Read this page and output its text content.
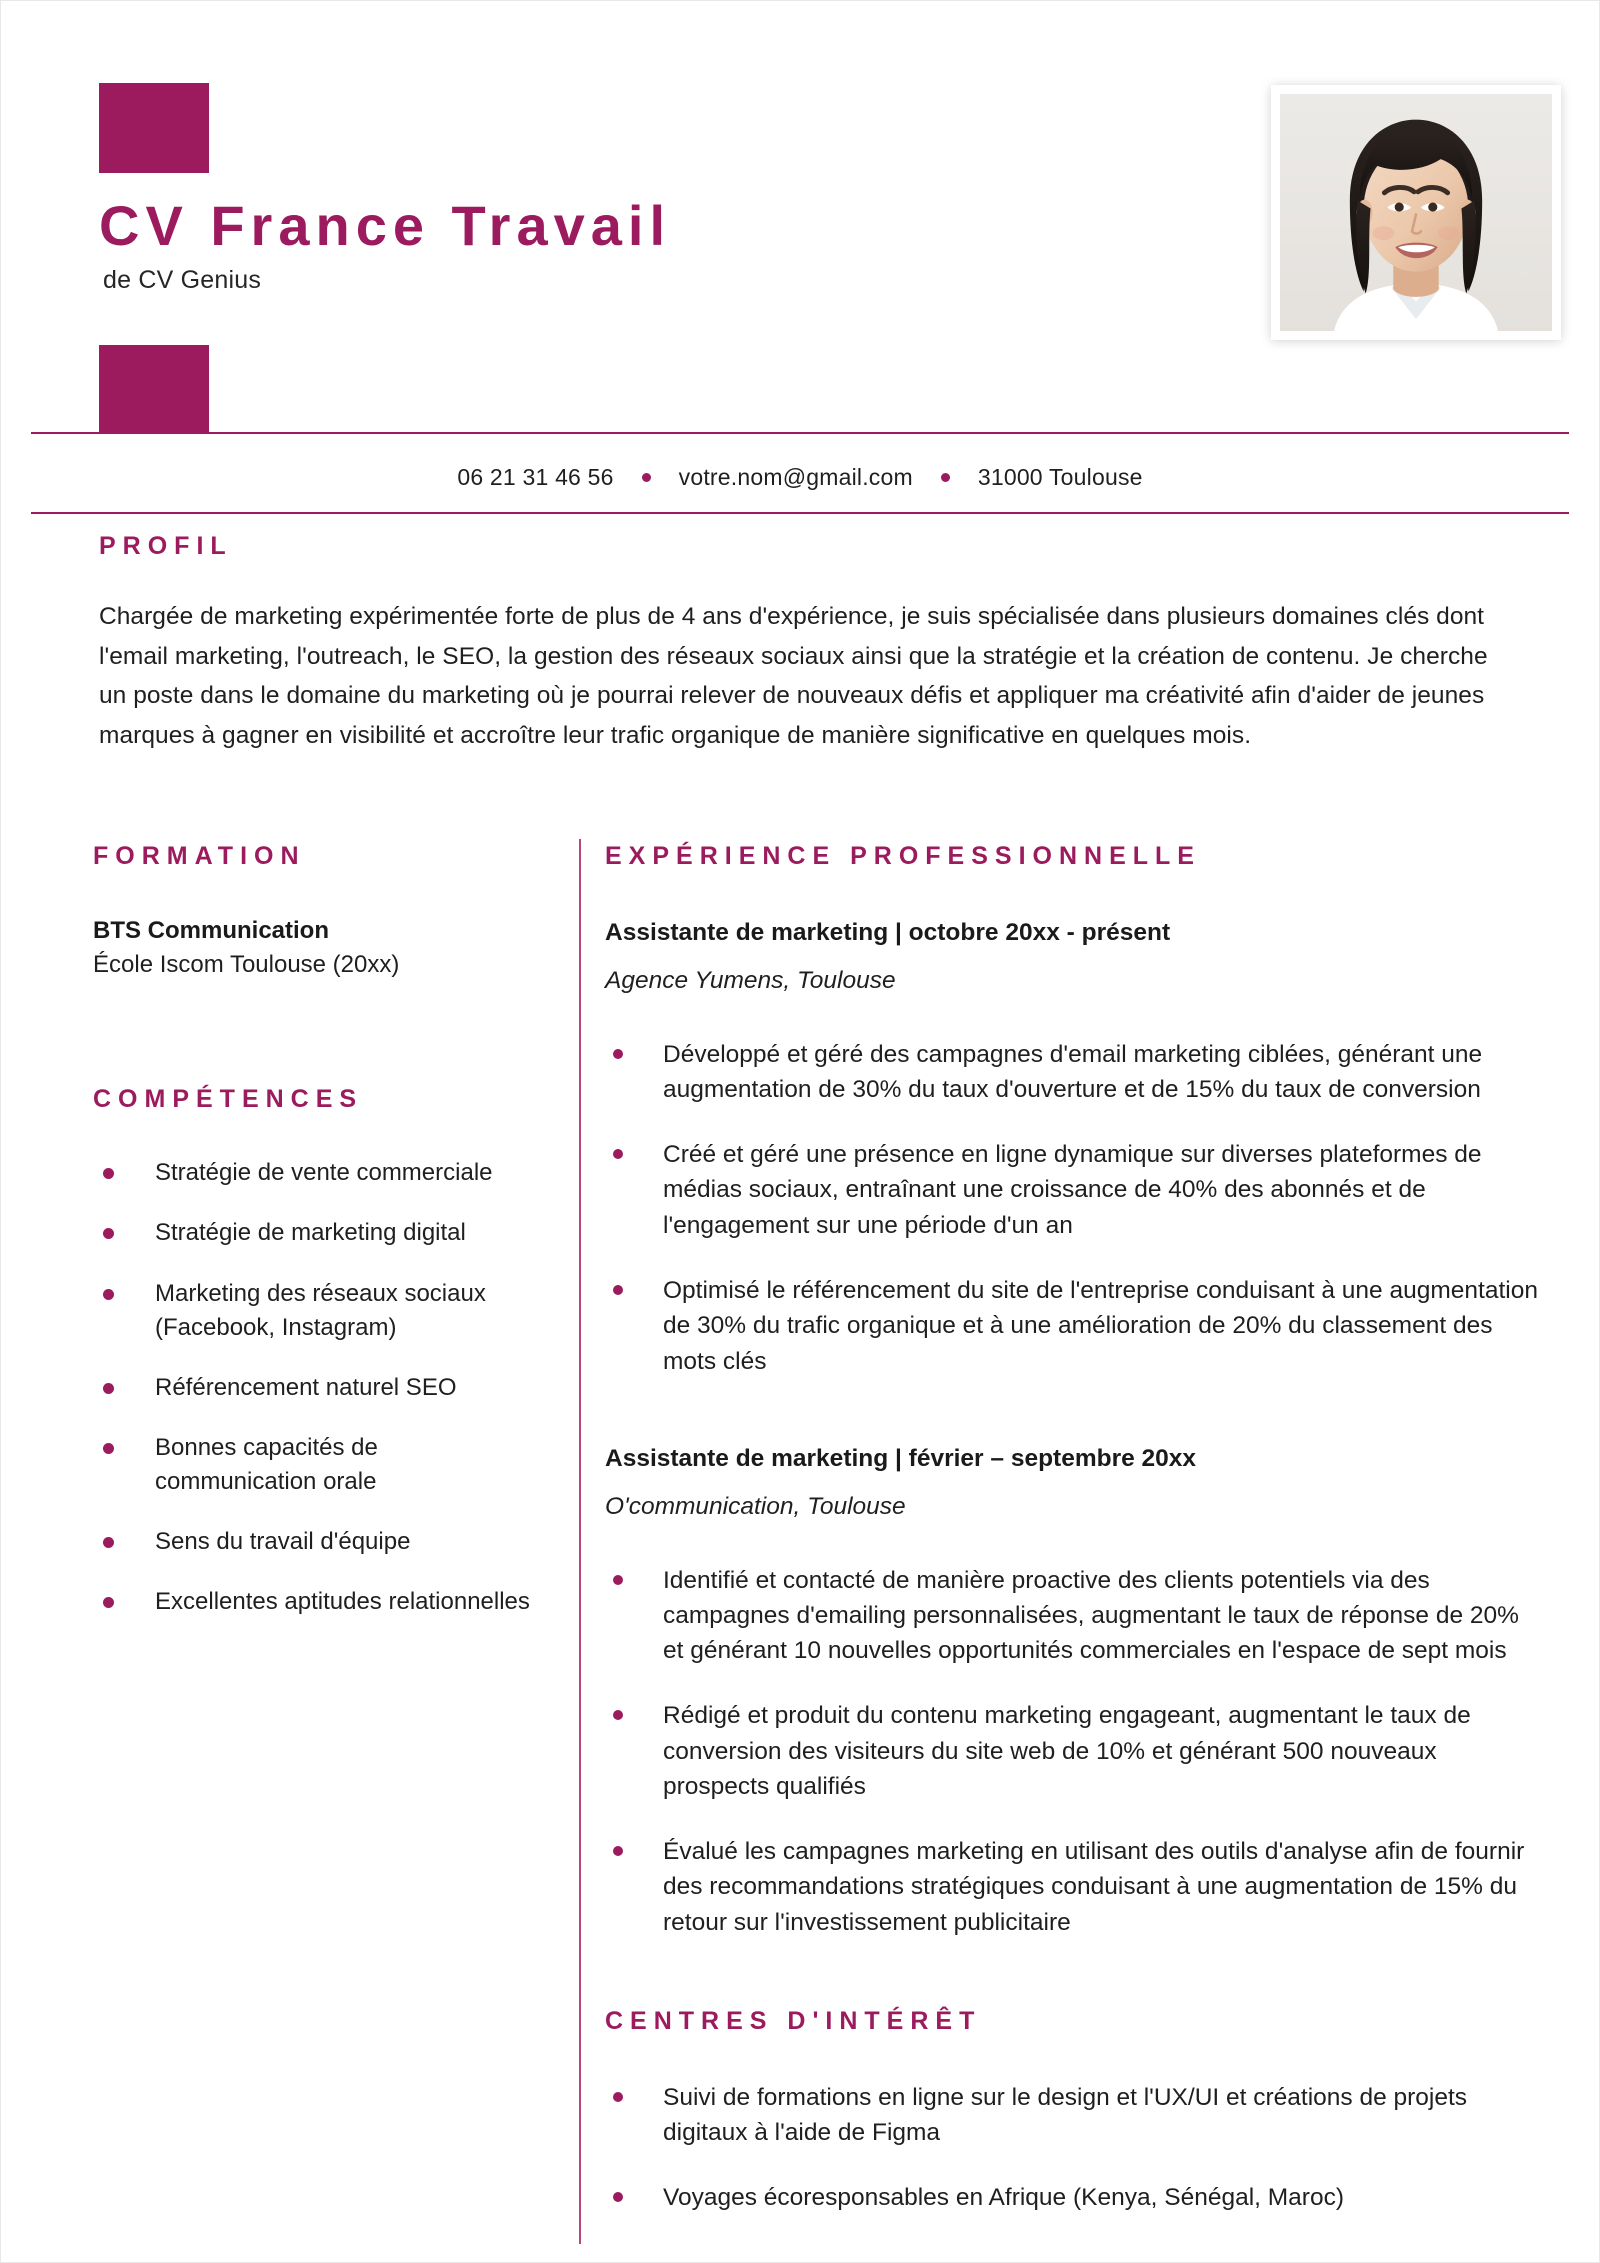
CV France Travail
de CV Genius
06 21 31 46 56	votre.nom@gmail.com	31000 Toulouse
PROFIL

Chargée de marketing expérimentée forte de plus de 4 ans d'expérience, je suis spécialisée dans plusieurs domaines clés dont l'email marketing, l'outreach, le SEO, la gestion des réseaux sociaux ainsi que la stratégie et la création de contenu. Je cherche un poste dans le domaine du marketing où je pourrai relever de nouveaux défis et appliquer ma créativité afin d'aider de jeunes marques à gagner en visibilité et accroître leur trafic organique de manière significative en quelques mois.

FORMATION
BTS Communication
École Iscom Toulouse (20xx)
COMPÉTENCES
Stratégie de vente commerciale
Stratégie de marketing digital
Marketing des réseaux sociaux (Facebook, Instagram)
Référencement naturel SEO
Bonnes capacités de communication orale
Sens du travail d'équipe
Excellentes aptitudes relationnelles
EXPÉRIENCE PROFESSIONNELLE
Assistante de marketing | octobre 20xx - présent
Agence Yumens, Toulouse
Développé et géré des campagnes d'email marketing ciblées, générant une augmentation de 30% du taux d'ouverture et de 15% du taux de conversion
Créé et géré une présence en ligne dynamique sur diverses plateformes de médias sociaux, entraînant une croissance de 40% des abonnés et de l'engagement sur une période d'un an
Optimisé le référencement du site de l'entreprise conduisant à une augmentation de 30% du trafic organique et à une amélioration de 20% du classement des mots clés
Assistante de marketing | février – septembre 20xx
O'communication, Toulouse
Identifié et contacté de manière proactive des clients potentiels via des campagnes d'emailing personnalisées, augmentant le taux de réponse de 20% et générant 10 nouvelles opportunités commerciales en l'espace de sept mois
Rédigé et produit du contenu marketing engageant, augmentant le taux de conversion des visiteurs du site web de 10% et générant 500 nouveaux prospects qualifiés
Évalué les campagnes marketing en utilisant des outils d'analyse afin de fournir des recommandations stratégiques conduisant à une augmentation de 15% du retour sur l'investissement publicitaire
CENTRES D'INTÉRÊT
Suivi de formations en ligne sur le design et l'UX/UI et créations de projets digitaux à l'aide de Figma
Voyages écoresponsables en Afrique (Kenya, Sénégal, Maroc)
